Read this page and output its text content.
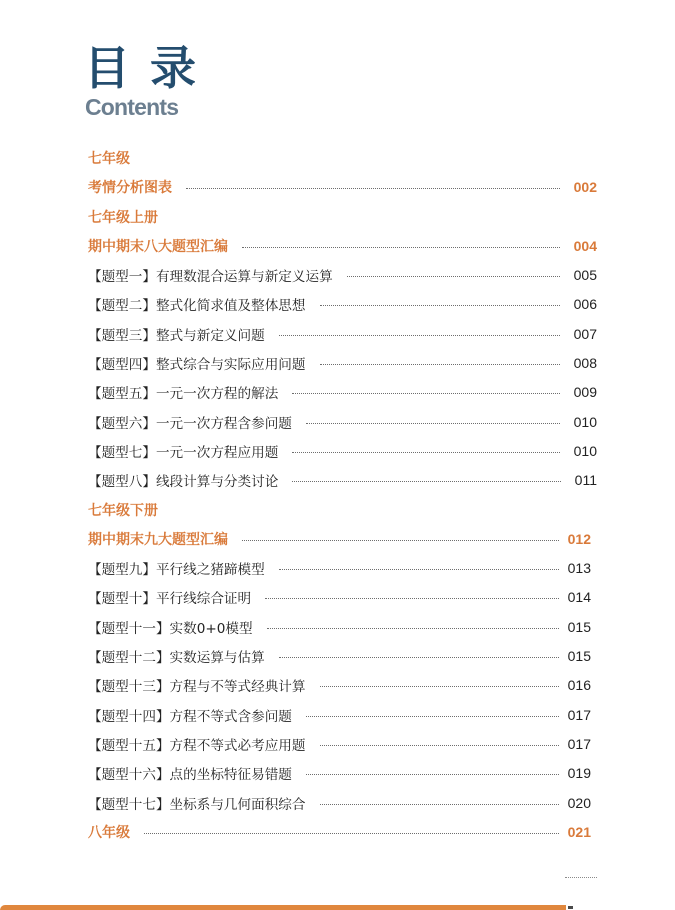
目 录
Contents
七年级
考情分析图表	002
七年级上册
期中期末八大题型汇编	004
【题型一】有理数混合运算与新定义运算	005
【题型二】整式化简求值及整体思想	006
【题型三】整式与新定义问题	007
【题型四】整式综合与实际应用问题	008
【题型五】一元一次方程的解法	009
【题型六】一元一次方程含参问题	010
【题型七】一元一次方程应用题	010
【题型八】线段计算与分类讨论	011
七年级下册
期中期末九大题型汇编	012
【题型九】平行线之猪蹄模型	013
【题型十】平行线综合证明	014
【题型十一】实数0+0模型	015
【题型十二】实数运算与估算	015
【题型十三】方程与不等式经典计算	016
【题型十四】方程不等式含参问题	017
【题型十五】方程不等式必考应用题	017
【题型十六】点的坐标特征易错题	019
【题型十七】坐标系与几何面积综合	020
八年级	021
